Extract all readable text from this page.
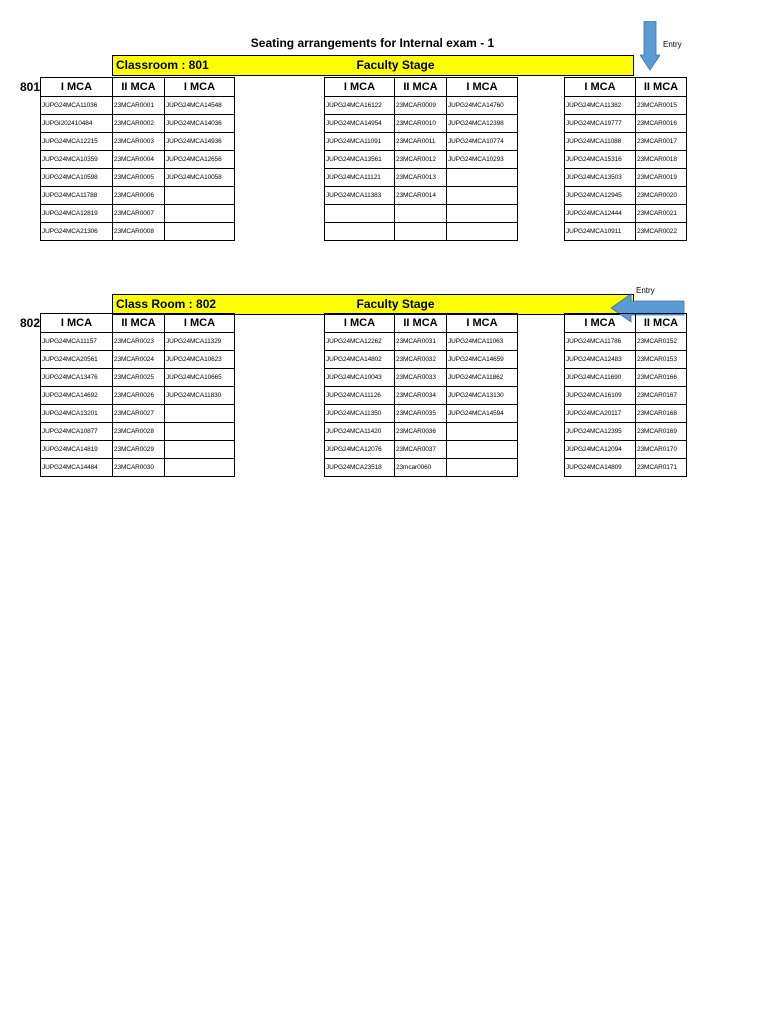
Seating arrangements for Internal exam - 1
801
Classroom : 801	Faculty Stage
Entry
I MCA	II MCA	I MCA
JUPG24MCA11036	23MCAR0001	JUPG24MCA14548
JUPGI202410484	23MCAR0002	JUPG24MCA14036
JUPG24MCA12215	23MCAR0003	JUPG24MCA14936
JUPG24MCA10359	23MCAR0004	JUPG24MCA12656
JUPG24MCA10598	23MCAR0005	JUPG24MCA10058
JUPG24MCA11788	23MCAR0006	
JUPG24MCA12819	23MCAR0007	
JUPG24MCA21306	23MCAR0008	
I MCA	II MCA	I MCA
JUPG24MCA16122	23MCAR0009	JUPG24MCA14760
JUPG24MCA14954	23MCAR0010	JUPG24MCA12398
JUPG24MCA11091	23MCAR0011	JUPG24MCA10774
JUPG24MCA13561	23MCAR0012	JUPG24MCA10293
JUPG24MCA11121	23MCAR0013	
JUPG24MCA11383	23MCAR0014	

I MCA	II MCA
JUPG24MCA11382	23MCAR0015
JUPG24MCA19777	23MCAR0016
JUPG24MCA11088	23MCAR0017
JUPG24MCA15316	23MCAR0018
JUPG24MCA13503	23MCAR0019
JUPG24MCA12945	23MCAR0020
JUPG24MCA12444	23MCAR0021
JUPG24MCA10911	23MCAR0022
802
Class Room : 802	Faculty Stage
Entry
I MCA	II MCA	I MCA
JUPG24MCA11157	23MCAR0023	JUPG24MCA11329
JUPG24MCA20561	23MCAR0024	JUPG24MCA10623
JUPG24MCA13476	23MCAR0025	JUPG24MCA10665
JUPG24MCA14692	23MCAR0026	JUPG24MCA11830
JUPG24MCA13201	23MCAR0027	
JUPG24MCA10877	23MCAR0028	
JUPG24MCA14819	23MCAR0029	
JUPG24MCA14484	23MCAR0030	
I MCA	II MCA	I MCA
JUPG24MCA12262	23MCAR0031	JUPG24MCA11063
JUPG24MCA14802	23MCAR0032	JUPG24MCA14659
JUPG24MCA10043	23MCAR0033	JUPG24MCA11862
JUPG24MCA11126	23MCAR0034	JUPG24MCA13130
JUPG24MCA11350	23MCAR0035	JUPG24MCA14594
JUPG24MCA11420	23MCAR0036	
JUPG24MCA12076	23MCAR0037	
JUPG24MCA23518	23mcar0060	
I MCA	II MCA
JUPG24MCA11786	23MCAR0152
JUPG24MCA12483	23MCAR0153
JUPG24MCA11690	23MCAR0166
JUPG24MCA16109	23MCAR0167
JUPG24MCA20117	23MCAR0168
JUPG24MCA12395	23MCAR0169
JUPG24MCA12094	23MCAR0170
JUPG24MCA14809	23MCAR0171
